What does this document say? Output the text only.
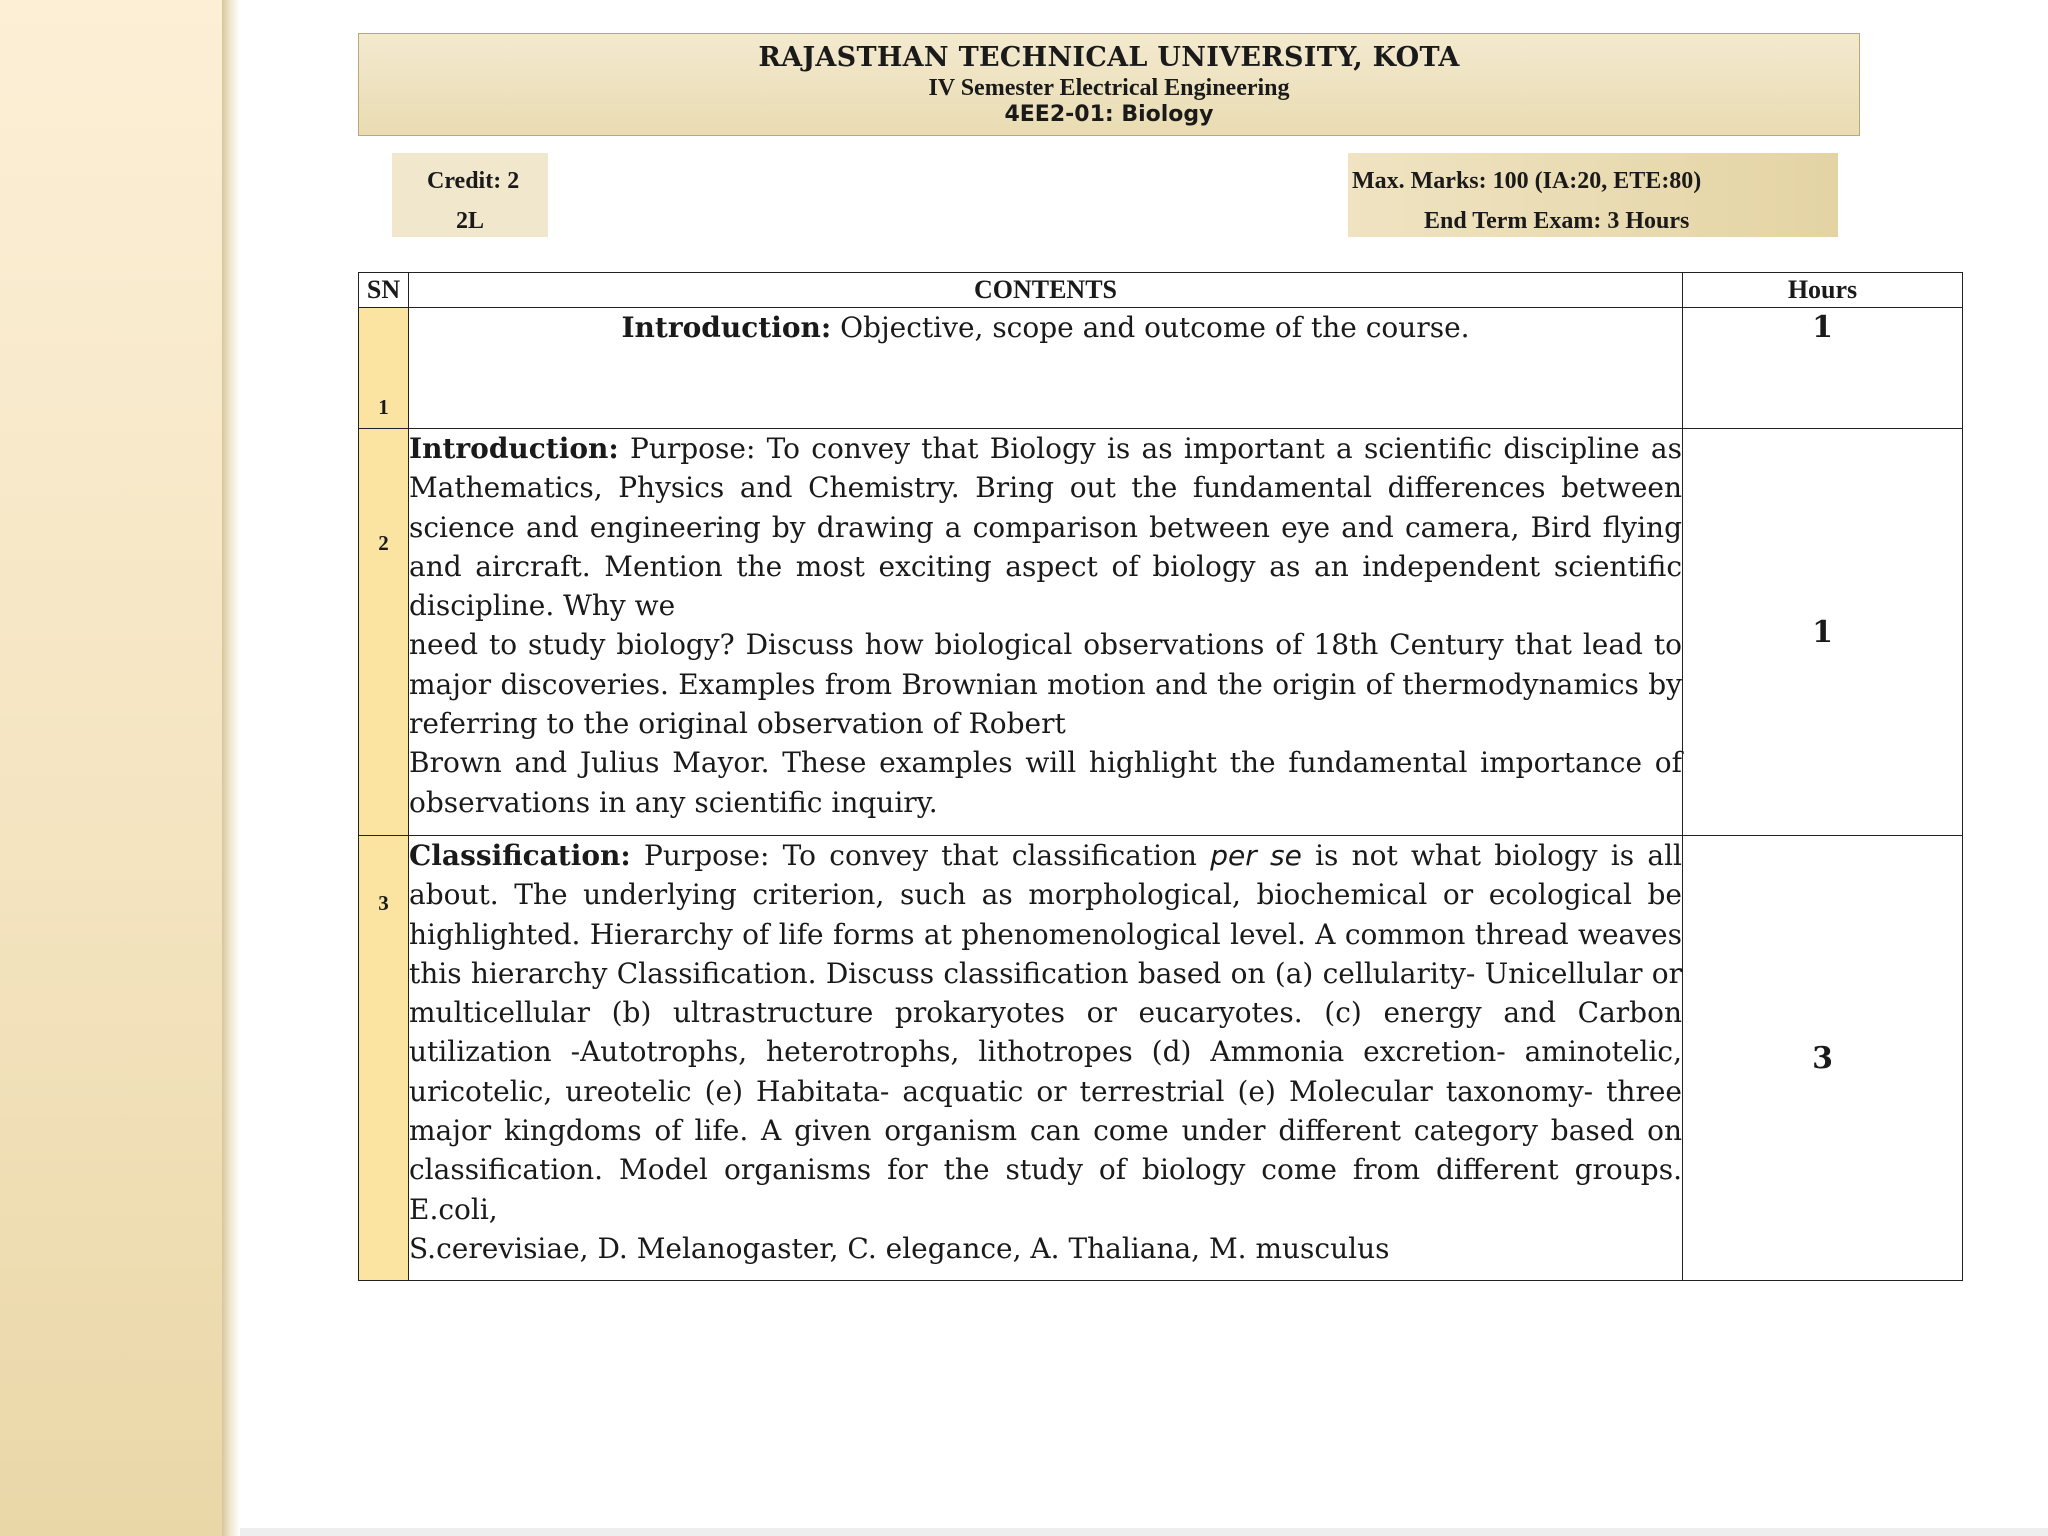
RAJASTHAN TECHNICAL UNIVERSITY, KOTA
IV Semester Electrical Engineering
4EE2-01: Biology
Credit: 2
2L
Max. Marks: 100 (IA:20, ETE:80)
End Term Exam: 3 Hours
SN	CONTENTS	Hours
1	Introduction: Objective, scope and outcome of the course.	1
2	Introduction: Purpose: To convey that Biology is as important a scientific discipline as Mathematics, Physics and Chemistry. Bring out the fundamental differences between science and engineering by drawing a comparison between eye and camera, Bird flying and aircraft. Mention the most exciting aspect of biology as an independent scientific discipline. Why we
need to study biology? Discuss how biological observations of 18th Century that lead to major discoveries. Examples from Brownian motion and the origin of thermodynamics by referring to the original observation of Robert
Brown and Julius Mayor. These examples will highlight the fundamental importance of observations in any scientific inquiry.	1
3	Classification: Purpose: To convey that classification per se is not what biology is all about. The underlying criterion, such as morphological, biochemical or ecological be highlighted. Hierarchy of life forms at phenomenological level. A common thread weaves this hierarchy Classification. Discuss classification based on (a) cellularity- Unicellular or multicellular (b) ultrastructure prokaryotes or eucaryotes. (c) energy and Carbon utilization -Autotrophs, heterotrophs, lithotropes (d) Ammonia excretion- aminotelic, uricotelic, ureotelic (e) Habitata- acquatic or terrestrial (e) Molecular taxonomy- three major kingdoms of life. A given organism can come under different category based on classification. Model organisms for the study of biology come from different groups. E.coli,
S.cerevisiae, D. Melanogaster, C. elegance, A. Thaliana, M. musculus	3
